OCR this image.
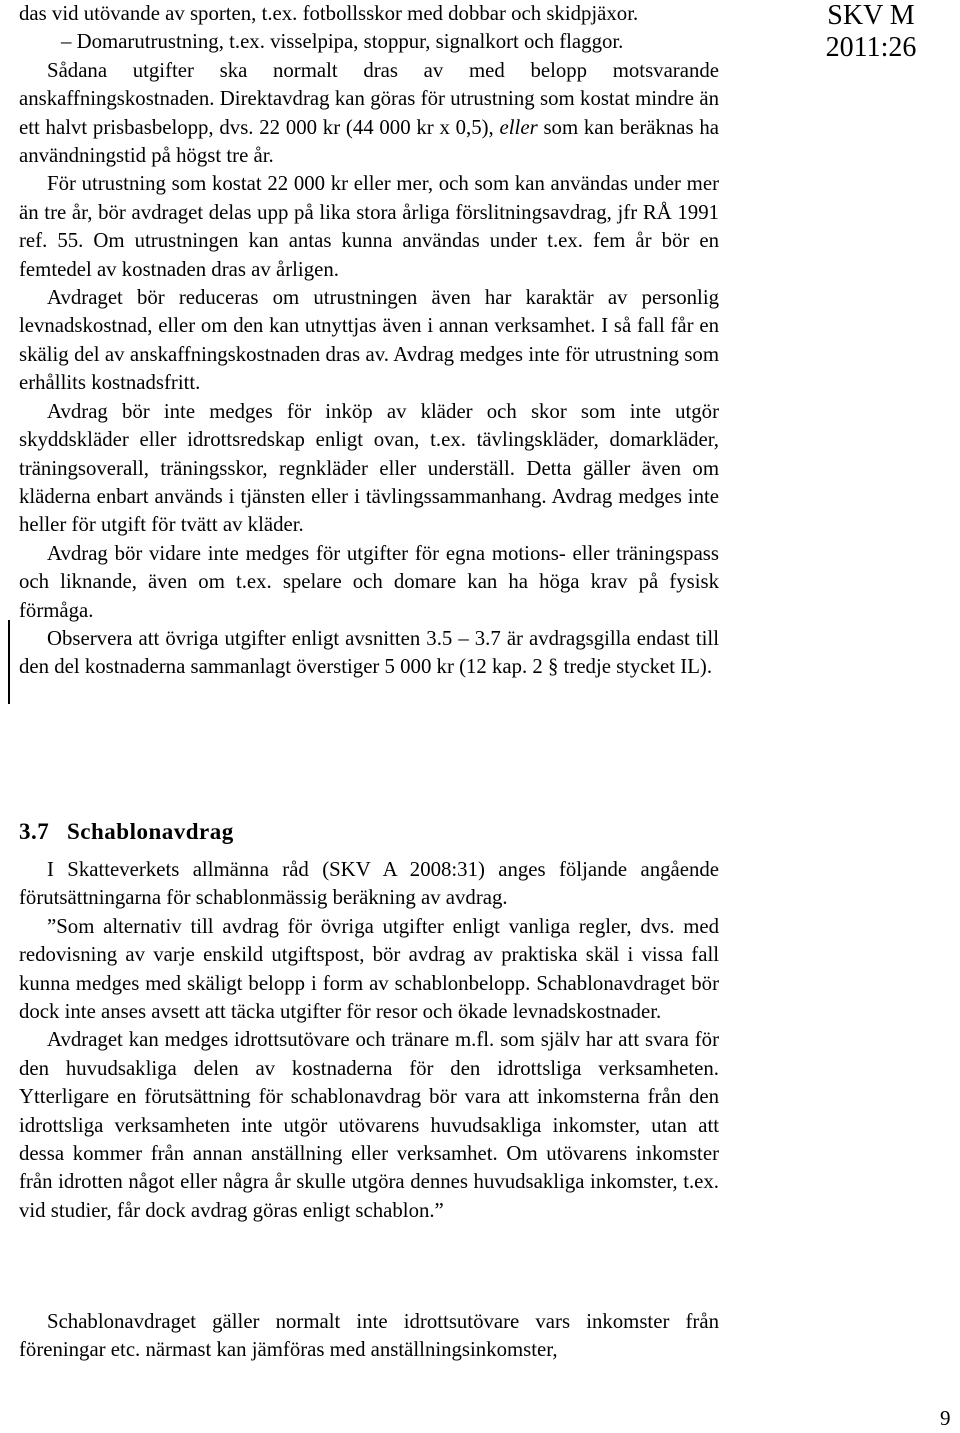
SKV M
2011:26

das vid utövande av sporten, t.ex. fotbollsskor med dobbar och skidpjäxor.

– Domarutrustning, t.ex. visselpipa, stoppur, signalkort och flaggor.

Sådana utgifter ska normalt dras av med belopp motsvarande anskaffningskostnaden. Direktavdrag kan göras för utrustning som kostat mindre än ett halvt prisbasbelopp, dvs. 22 000 kr (44 000 kr x 0,5), eller som kan beräknas ha användningstid på högst tre år.

För utrustning som kostat 22 000 kr eller mer, och som kan användas under mer än tre år, bör avdraget delas upp på lika stora årliga förslitningsavdrag, jfr RÅ 1991 ref. 55. Om utrustningen kan antas kunna användas under t.ex. fem år bör en femtedel av kostnaden dras av årligen.

Avdraget bör reduceras om utrustningen även har karaktär av personlig levnadskostnad, eller om den kan utnyttjas även i annan verksamhet. I så fall får en skälig del av anskaffningskostnaden dras av. Avdrag medges inte för utrustning som erhållits kostnadsfritt.

Avdrag bör inte medges för inköp av kläder och skor som inte utgör skyddskläder eller idrottsredskap enligt ovan, t.ex. tävlingskläder, domarkläder, träningsoverall, träningsskor, regnkläder eller underställ. Detta gäller även om kläderna enbart används i tjänsten eller i tävlingssammanhang. Avdrag medges inte heller för utgift för tvätt av kläder.

Avdrag bör vidare inte medges för utgifter för egna motions- eller träningspass och liknande, även om t.ex. spelare och domare kan ha höga krav på fysisk förmåga.

Observera att övriga utgifter enligt avsnitten 3.5 – 3.7 är avdragsgilla endast till den del kostnaderna sammanlagt överstiger 5 000 kr (12 kap. 2 § tredje stycket IL).

3.7 Schablonavdrag

I Skatteverkets allmänna råd (SKV A 2008:31) anges följande angående förutsättningarna för schablonmässig beräkning av avdrag.

”Som alternativ till avdrag för övriga utgifter enligt vanliga regler, dvs. med redovisning av varje enskild utgiftspost, bör avdrag av praktiska skäl i vissa fall kunna medges med skäligt belopp i form av schablonbelopp. Schablonavdraget bör dock inte anses avsett att täcka utgifter för resor och ökade levnadskostnader.

Avdraget kan medges idrottsutövare och tränare m.fl. som själv har att svara för den huvudsakliga delen av kostnaderna för den idrottsliga verksamheten. Ytterligare en förutsättning för schablonavdrag bör vara att inkomsterna från den idrottsliga verksamheten inte utgör utövarens huvudsakliga inkomster, utan att dessa kommer från annan anställning eller verksamhet. Om utövarens inkomster från idrotten något eller några år skulle utgöra dennes huvudsakliga inkomster, t.ex. vid studier, får dock avdrag göras enligt schablon.”

Schablonavdraget gäller normalt inte idrottsutövare vars inkomster från föreningar etc. närmast kan jämföras med anställningsinkomster,

9
